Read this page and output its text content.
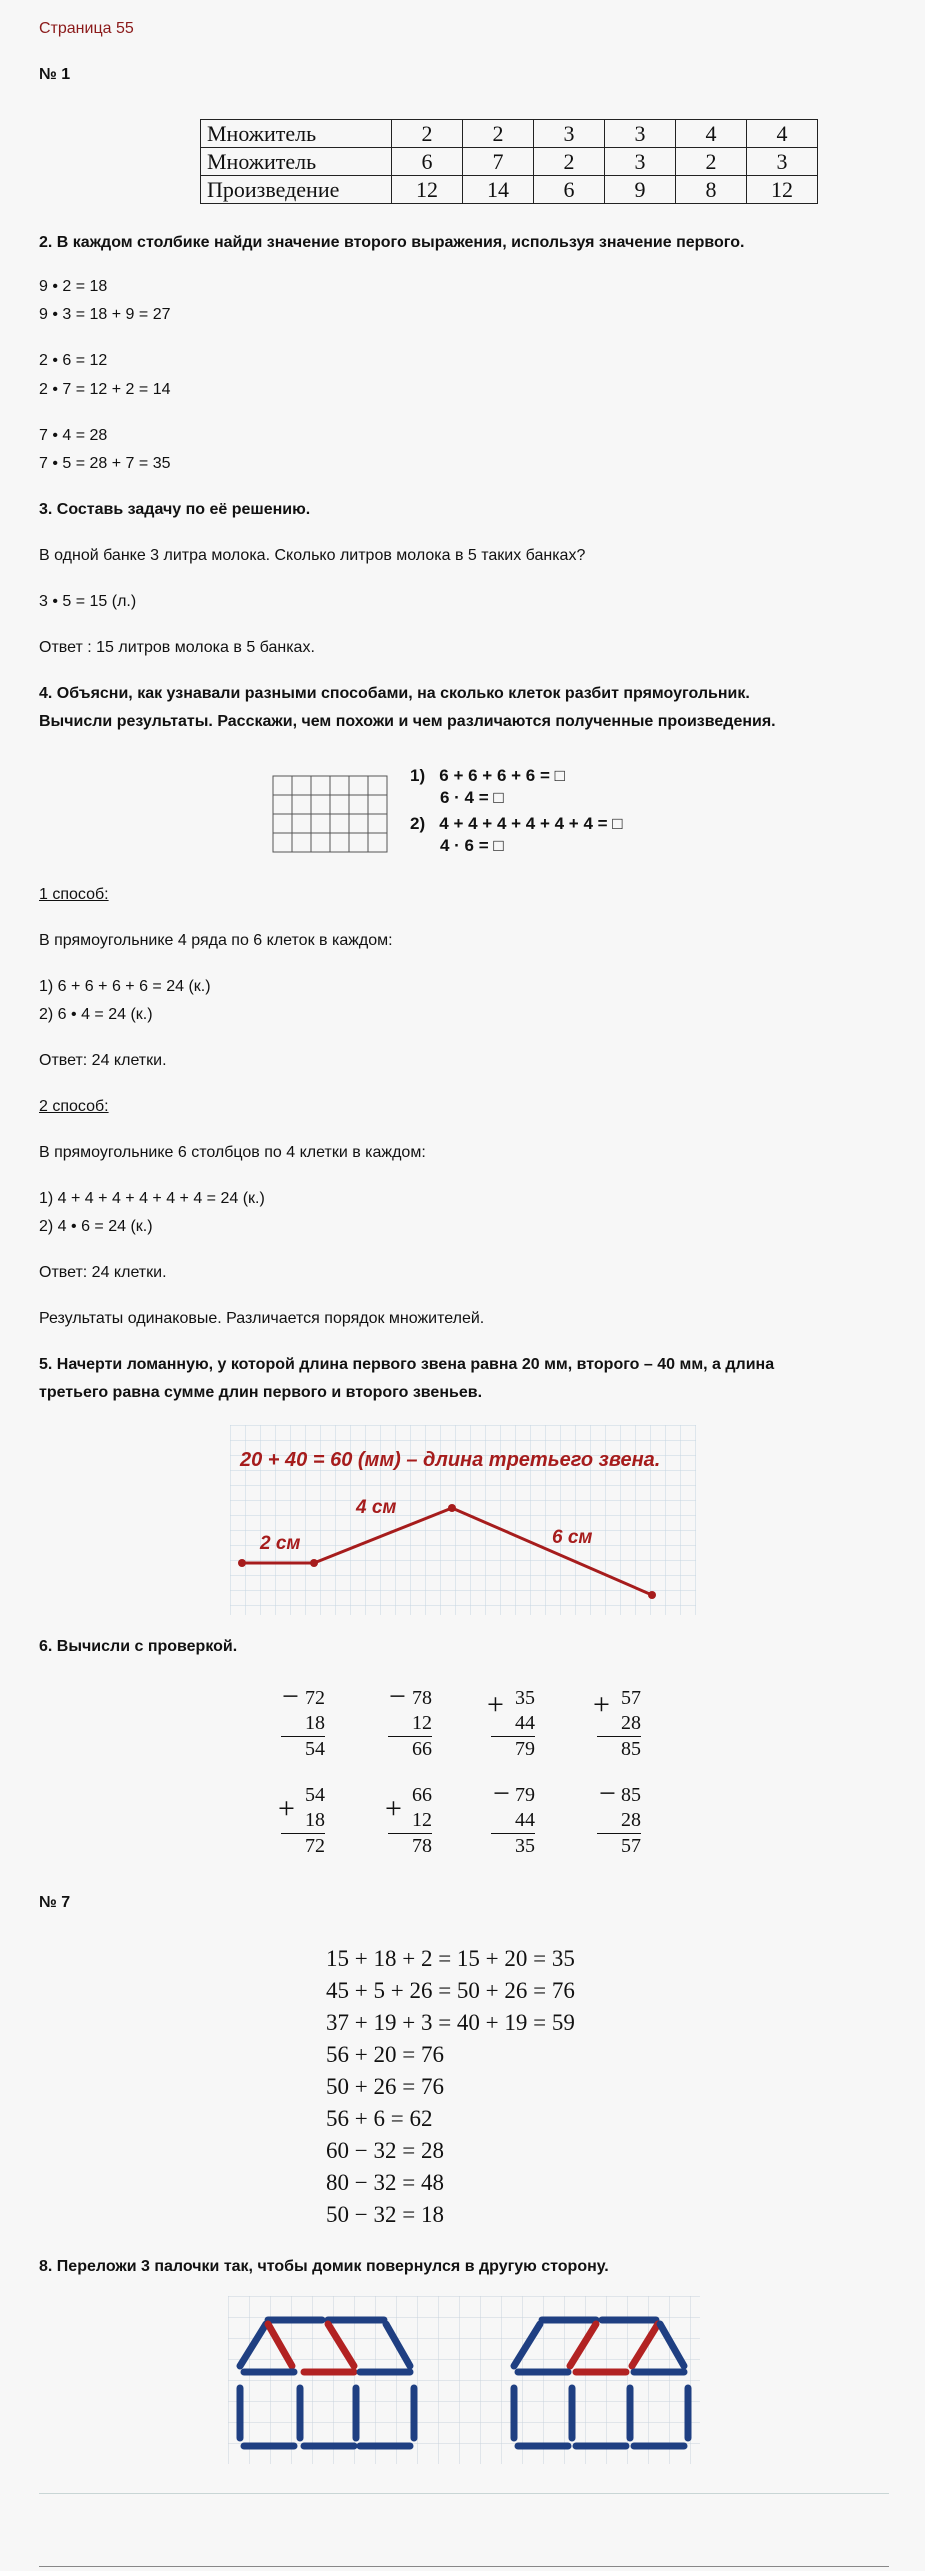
Страница 55
№ 1
Множитель	2	2	3	3	4	4
Множитель	6	7	2	3	2	3
Произведение	12	14	6	9	8	12
2. В каждом столбике найди значение второго выражения, используя значение первого.
9 • 2 = 18
9 • 3 = 18 + 9 = 27
2 • 6 = 12
2 • 7 = 12 + 2 = 14
7 • 4 = 28
7 • 5 = 28 + 7 = 35
3. Составь задачу по её решению.
В одной банке 3 литра молока. Сколько литров молока в 5 таких банках?
3 • 5 = 15 (л.)
Ответ : 15 литров молока в 5 банках.
4. Объясни, как узнавали разными способами, на сколько клеток разбит прямоугольник.
Вычисли результаты. Расскажи, чем похожи и чем различаются полученные произведения.
1) 6 + 6 + 6 + 6 = □
6 · 4 = □
2) 4 + 4 + 4 + 4 + 4 + 4 = □
4 · 6 = □
1 способ:
В прямоугольнике 4 ряда по 6 клеток в каждом:
1) 6 + 6 + 6 + 6 = 24 (к.)
2) 6 • 4 = 24 (к.)
Ответ: 24 клетки.
2 способ:
В прямоугольнике 6 столбцов по 4 клетки в каждом:
1) 4 + 4 + 4 + 4 + 4 + 4 = 24 (к.)
2) 4 • 6 = 24 (к.)
Ответ: 24 клетки.
Результаты одинаковые. Различается порядок множителей.
5. Начерти ломанную, у которой длина первого звена равна 20 мм, второго – 40 мм, а длина
третьего равна сумме длин первого и второго звеньев.
20 + 40 = 60 (мм) – длина третьего звена.
2 см
4 см
6 см
6. Вычисли с проверкой.
− 72
18
54
− 78
12
66
+ 35
44
79
+ 57
28
85
+ 54
18
72
+ 66
12
78
− 79
44
35
− 85
28
57
№ 7
15 + 18 + 2 = 15 + 20 = 35
45 + 5 + 26 = 50 + 26 = 76
37 + 19 + 3 = 40 + 19 = 59
56 + 20 = 76
50 + 26 = 76
56 + 6 = 62
60 − 32 = 28
80 − 32 = 48
50 − 32 = 18
8. Переложи 3 палочки так, чтобы домик повернулся в другую сторону.
